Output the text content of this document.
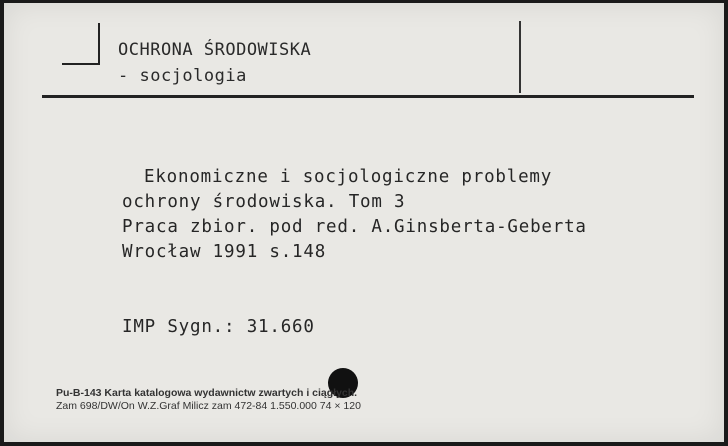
OCHRONA ŚRODOWISKA
- socjologia
Ekonomiczne i socjologiczne problemy
ochrony środowiska. Tom 3
Praca zbior. pod red. A.Ginsberta-Geberta
Wrocław 1991 s.148
IMP Sygn.: 31.660
Pu-B-143 Karta katalogowa wydawnictw zwartych i ciągłych.
Zam 698/DW/On W.Z.Graf Milicz zam 472-84 1.550.000 74 × 120
